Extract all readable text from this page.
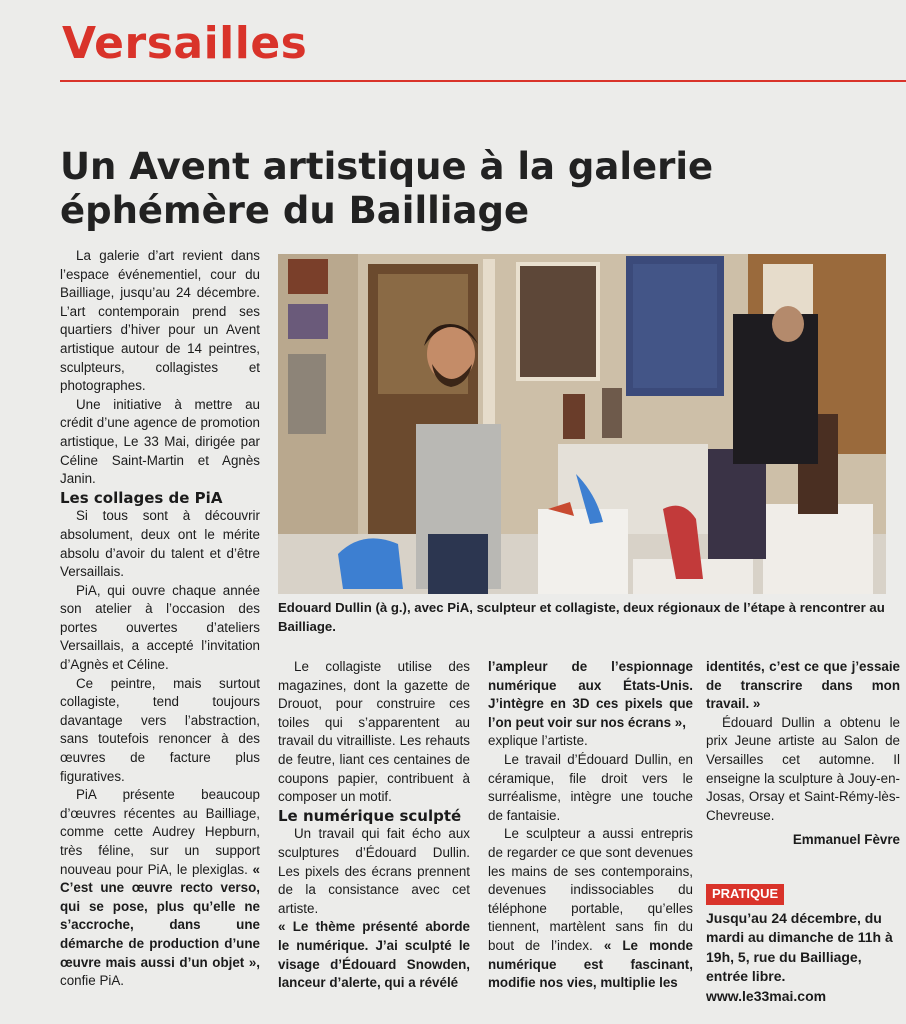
Versailles
Un Avent artistique à la galerie
éphémère du Bailliage

La galerie d’art revient dans l’espace événementiel, cour du Bailliage, jusqu’au 24 décembre. L’art contemporain prend ses quartiers d’hiver pour un Avent artistique autour de 14 peintres, sculpteurs, collagistes et photographes.

Une initiative à mettre au crédit d’une agence de promotion artistique, Le 33 Mai, dirigée par Céline Saint-Martin et Agnès Janin.

Les collages de PiA

Si tous sont à découvrir absolument, deux ont le mérite absolu d’avoir du talent et d’être Versaillais.

PiA, qui ouvre chaque année son atelier à l’occasion des portes ouvertes d’ateliers Versaillais, a accepté l’invitation d’Agnès et Céline.

Ce peintre, mais surtout collagiste, tend toujours davantage vers l’abstraction, sans toutefois renoncer à des œuvres de facture plus figuratives.

PiA présente beaucoup d’œuvres récentes au Bailliage, comme cette Audrey Hepburn, très féline, sur un support nouveau pour PiA, le plexiglas. « C’est une œuvre recto verso, qui se pose, plus qu’elle ne s’accroche, dans une démarche de production d’une œuvre mais aussi d’un objet », confie PiA.

Edouard Dullin (à g.), avec PiA, sculpteur et collagiste, deux régionaux de l’étape à rencontrer au Bailliage.

Le collagiste utilise des magazines, dont la gazette de Drouot, pour construire ces toiles qui s’apparentent au travail du vitrailliste. Les rehauts de feutre, liant ces centaines de coupons papier, contribuent à composer un motif.

Le numérique sculpté

Un travail qui fait écho aux sculptures d’Édouard Dullin. Les pixels des écrans prennent de la consistance avec cet artiste.

« Le thème présenté aborde le numérique. J’ai sculpté le visage d’Édouard Snowden, lanceur d’alerte, qui a révélé

l’ampleur de l’espionnage numérique aux États-Unis. J’intègre en 3D ces pixels que l’on peut voir sur nos écrans »,

explique l’artiste.

Le travail d’Édouard Dullin, en céramique, file droit vers le surréalisme, intègre une touche de fantaisie.

Le sculpteur a aussi entrepris de regarder ce que sont devenues les mains de ses contemporains, devenues indissociables du téléphone portable, qu’elles tiennent, martèlent sans fin du bout de l’index. « Le monde numérique est fascinant, modifie nos vies, multiplie les

identités, c’est ce que j’essaie de transcrire dans mon travail. »

Édouard Dullin a obtenu le prix Jeune artiste au Salon de Versailles cet automne. Il enseigne la sculpture à Jouy-en-Josas, Orsay et Saint-Rémy-lès-Chevreuse.

Emmanuel Fèvre

PRATIQUE

Jusqu’au 24 décembre, du mardi au dimanche de 11h à 19h, 5, rue du Bailliage, entrée libre.

www.le33mai.com
